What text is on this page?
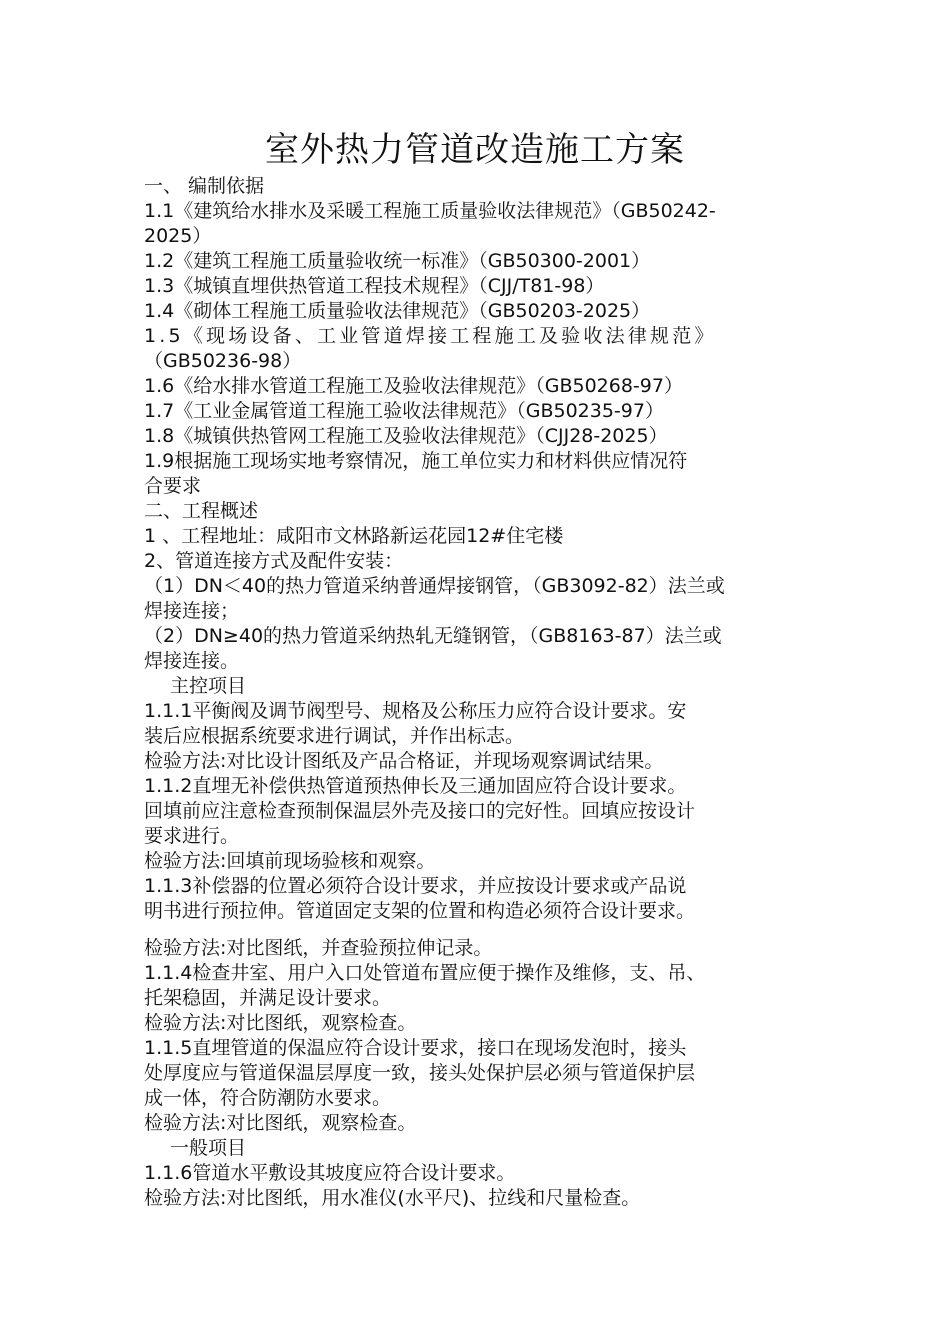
室外热力管道改造施工方案
一、 编制依据
1.1《建筑给水排水及采暖工程施工质量验收法律规范》（GB50242-
2025）
1.2《建筑工程施工质量验收统一标准》（GB50300-2001）
1.3《城镇直埋供热管道工程技术规程》（CJJ/T81-98）
1.4《砌体工程施工质量验收法律规范》（GB50203-2025）
1.5《现场设备、工业管道焊接工程施工及验收法律规范》
（GB50236-98）
1.6《给水排水管道工程施工及验收法律规范》（GB50268-97）
1.7《工业金属管道工程施工验收法律规范》（GB50235-97）
1.8《城镇供热管网工程施工及验收法律规范》（CJJ28-2025）
1.9根据施工现场实地考察情况，施工单位实力和材料供应情况符
合要求
二、工程概述
1 、工程地址：咸阳市文林路新运花园12#住宅楼
2、管道连接方式及配件安装：
（1）DN＜40的热力管道采纳普通焊接钢管，（GB3092-82）法兰或
焊接连接；
（2）DN≥40的热力管道采纳热轧无缝钢管，（GB8163-87）法兰或
焊接连接。
主控项目
1.1.1平衡阀及调节阀型号、规格及公称压力应符合设计要求。安
装后应根据系统要求进行调试，并作出标志。
检验方法:对比设计图纸及产品合格证，并现场观察调试结果。
1.1.2直埋无补偿供热管道预热伸长及三通加固应符合设计要求。
回填前应注意检查预制保温层外壳及接口的完好性。回填应按设计
要求进行。
检验方法:回填前现场验核和观察。
1.1.3补偿器的位置必须符合设计要求，并应按设计要求或产品说
明书进行预拉伸。管道固定支架的位置和构造必须符合设计要求。
检验方法:对比图纸，并查验预拉伸记录。
1.1.4检查井室、用户入口处管道布置应便于操作及维修，支、吊、
托架稳固，并满足设计要求。
检验方法:对比图纸，观察检查。
1.1.5直埋管道的保温应符合设计要求，接口在现场发泡时，接头
处厚度应与管道保温层厚度一致，接头处保护层必须与管道保护层
成一体，符合防潮防水要求。
检验方法:对比图纸，观察检查。
一般项目
1.1.6管道水平敷设其坡度应符合设计要求。
检验方法:对比图纸，用水准仪(水平尺)、拉线和尺量检查。
